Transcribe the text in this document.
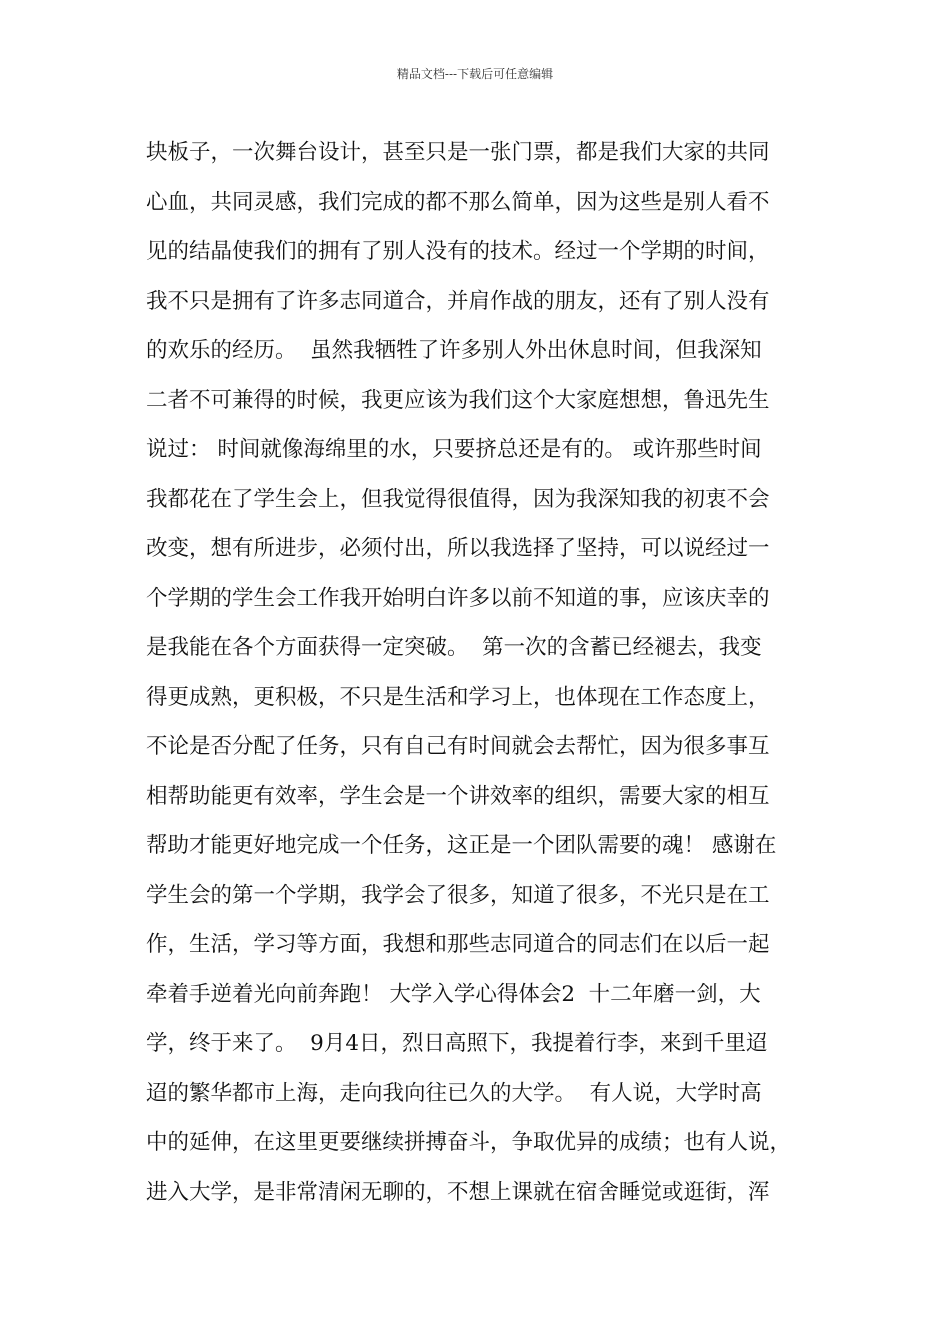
精品文档---下载后可任意编辑
块板子，一次舞台设计，甚至只是一张门票，都是我们大家的共同
心血，共同灵感，我们完成的都不那么简单，因为这些是别人看不
见的结晶使我们的拥有了别人没有的技术。经过一个学期的时间，
我不只是拥有了许多志同道合，并肩作战的朋友，还有了别人没有
的欢乐的经历。  虽然我牺牲了许多别人外出休息时间，但我深知
二者不可兼得的时候，我更应该为我们这个大家庭想想，鲁迅先生
说过： 时间就像海绵里的水，只要挤总还是有的。 或许那些时间
我都花在了学生会上，但我觉得很值得，因为我深知我的初衷不会
改变，想有所进步，必须付出，所以我选择了坚持，可以说经过一
个学期的学生会工作我开始明白许多以前不知道的事，应该庆幸的
是我能在各个方面获得一定突破。  第一次的含蓄已经褪去，我变
得更成熟，更积极，不只是生活和学习上，也体现在工作态度上，
不论是否分配了任务，只有自己有时间就会去帮忙，因为很多事互
相帮助能更有效率，学生会是一个讲效率的组织，需要大家的相互
帮助才能更好地完成一个任务，这正是一个团队需要的魂！ 感谢在
学生会的第一个学期，我学会了很多，知道了很多，不光只是在工
作，生活，学习等方面，我想和那些志同道合的同志们在以后一起
牵着手逆着光向前奔跑！ 大学入学心得体会2  十二年磨一剑，大
学，终于来了。  9月4日，烈日高照下，我提着行李，来到千里迢
迢的繁华都市上海，走向我向往已久的大学。  有人说，大学时高
中的延伸，在这里更要继续拼搏奋斗，争取优异的成绩；也有人说，
进入大学，是非常清闲无聊的，不想上课就在宿舍睡觉或逛街，浑
